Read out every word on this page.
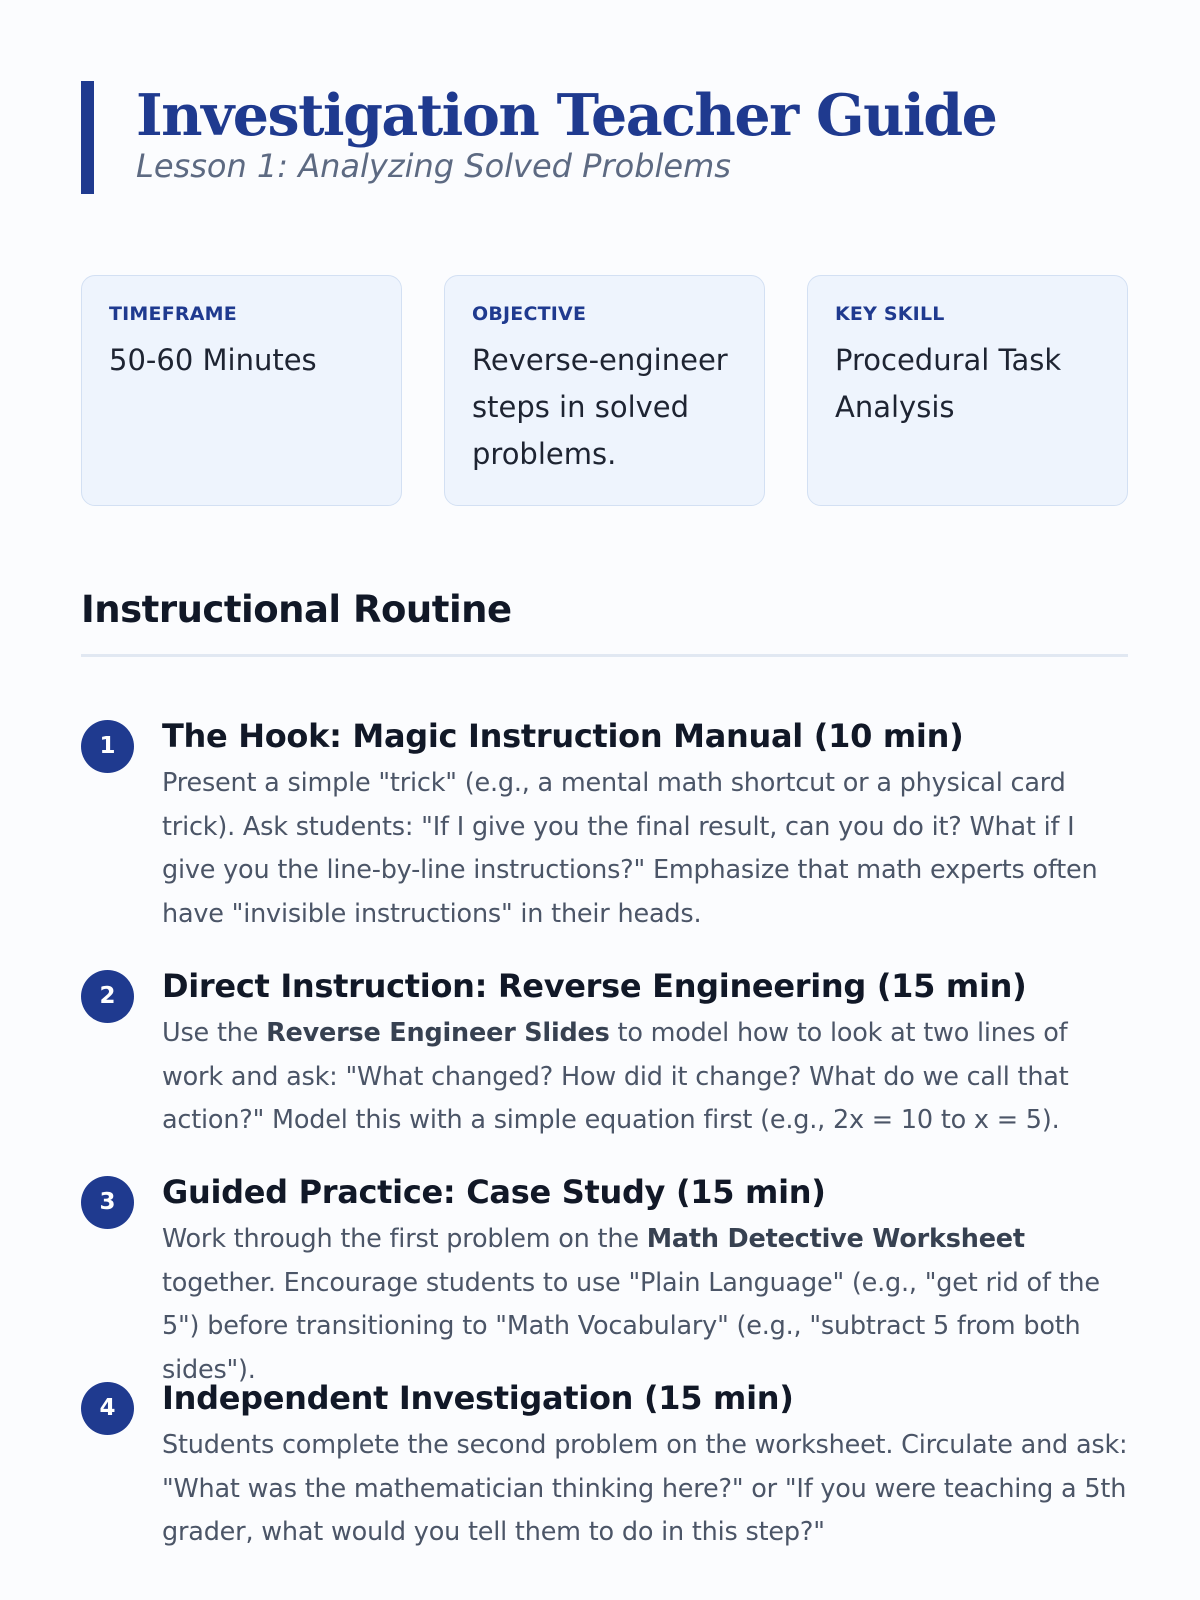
Investigation Teacher Guide
Lesson 1: Analyzing Solved Problems
TIMEFRAME
50-60 Minutes
OBJECTIVE
Reverse-engineer steps in solved problems.
KEY SKILL
Procedural Task Analysis
Instructional Routine
1	The Hook: Magic Instruction Manual (10 min)
Present a simple "trick" (e.g., a mental math shortcut or a physical card trick). Ask students: "If I give you the final result, can you do it? What if I give you the line-by-line instructions?" Emphasize that math experts often have "invisible instructions" in their heads.
2	Direct Instruction: Reverse Engineering (15 min)
Use the Reverse Engineer Slides to model how to look at two lines of work and ask: "What changed? How did it change? What do we call that action?" Model this with a simple equation first (e.g., 2x = 10 to x = 5).
3	Guided Practice: Case Study (15 min)
Work through the first problem on the Math Detective Worksheet together. Encourage students to use "Plain Language" (e.g., "get rid of the 5") before transitioning to "Math Vocabulary" (e.g., "subtract 5 from both sides").
4	Independent Investigation (15 min)
Students complete the second problem on the worksheet. Circulate and ask: "What was the mathematician thinking here?" or "If you were teaching a 5th grader, what would you tell them to do in this step?"
